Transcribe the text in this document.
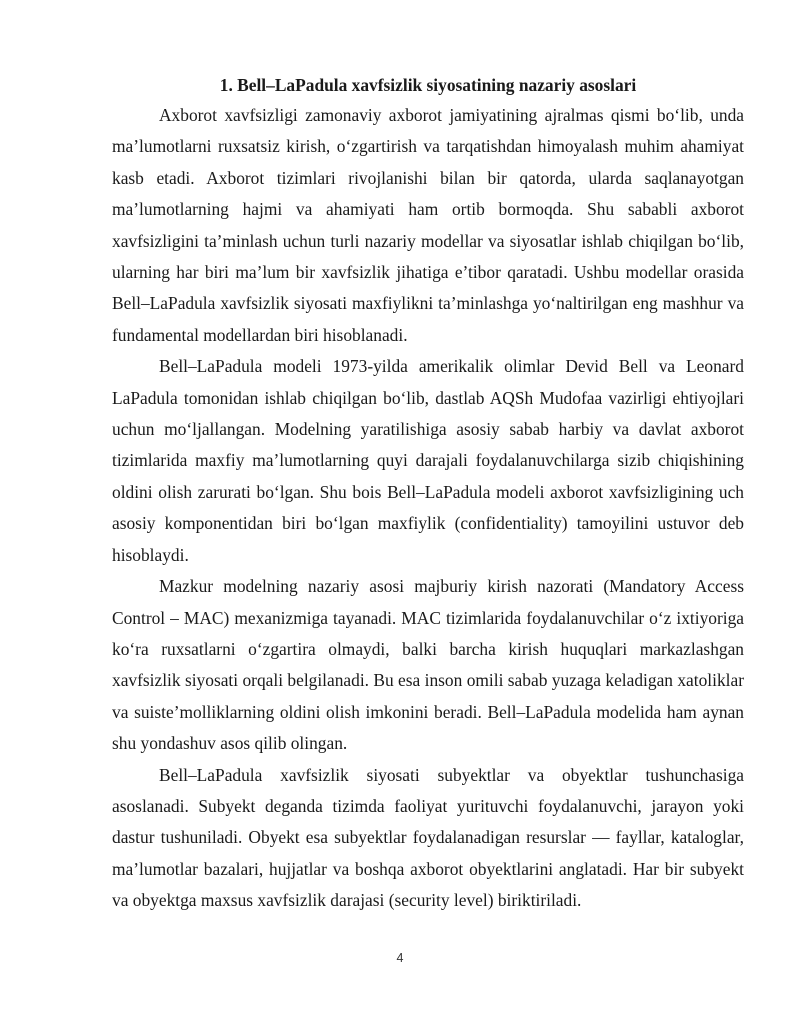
1. Bell–LaPadula xavfsizlik siyosatining nazariy asoslari

Axborot xavfsizligi zamonaviy axborot jamiyatining ajralmas qismi bo‘lib, unda ma’lumotlarni ruxsatsiz kirish, o‘zgartirish va tarqatishdan himoyalash muhim ahamiyat kasb etadi. Axborot tizimlari rivojlanishi bilan bir qatorda, ularda saqlanayotgan ma’lumotlarning hajmi va ahamiyati ham ortib bormoqda. Shu sababli axborot xavfsizligini ta’minlash uchun turli nazariy modellar va siyosatlar ishlab chiqilgan bo‘lib, ularning har biri ma’lum bir xavfsizlik jihatiga e’tibor qaratadi. Ushbu modellar orasida Bell–LaPadula xavfsizlik siyosati maxfiylikni ta’minlashga yo‘naltirilgan eng mashhur va fundamental modellardan biri hisoblanadi.

Bell–LaPadula modeli 1973-yilda amerikalik olimlar Devid Bell va Leonard LaPadula tomonidan ishlab chiqilgan bo‘lib, dastlab AQSh Mudofaa vazirligi ehtiyojlari uchun mo‘ljallangan. Modelning yaratilishiga asosiy sabab harbiy va davlat axborot tizimlarida maxfiy ma’lumotlarning quyi darajali foydalanuvchilarga sizib chiqishining oldini olish zarurati bo‘lgan. Shu bois Bell–LaPadula modeli axborot xavfsizligining uch asosiy komponentidan biri bo‘lgan maxfiylik (confidentiality) tamoyilini ustuvor deb hisoblaydi.

Mazkur modelning nazariy asosi majburiy kirish nazorati (Mandatory Access Control – MAC) mexanizmiga tayanadi. MAC tizimlarida foydalanuvchilar o‘z ixtiyoriga ko‘ra ruxsatlarni o‘zgartira olmaydi, balki barcha kirish huquqlari markazlashgan xavfsizlik siyosati orqali belgilanadi. Bu esa inson omili sabab yuzaga keladigan xatoliklar va suiste’molliklarning oldini olish imkonini beradi. Bell–LaPadula modelida ham aynan shu yondashuv asos qilib olingan.

Bell–LaPadula xavfsizlik siyosati subyektlar va obyektlar tushunchasiga asoslanadi. Subyekt deganda tizimda faoliyat yurituvchi foydalanuvchi, jarayon yoki dastur tushuniladi. Obyekt esa subyektlar foydalanadigan resurslar — fayllar, kataloglar, ma’lumotlar bazalari, hujjatlar va boshqa axborot obyektlarini anglatadi. Har bir subyekt va obyektga maxsus xavfsizlik darajasi (security level) biriktiriladi.

4
